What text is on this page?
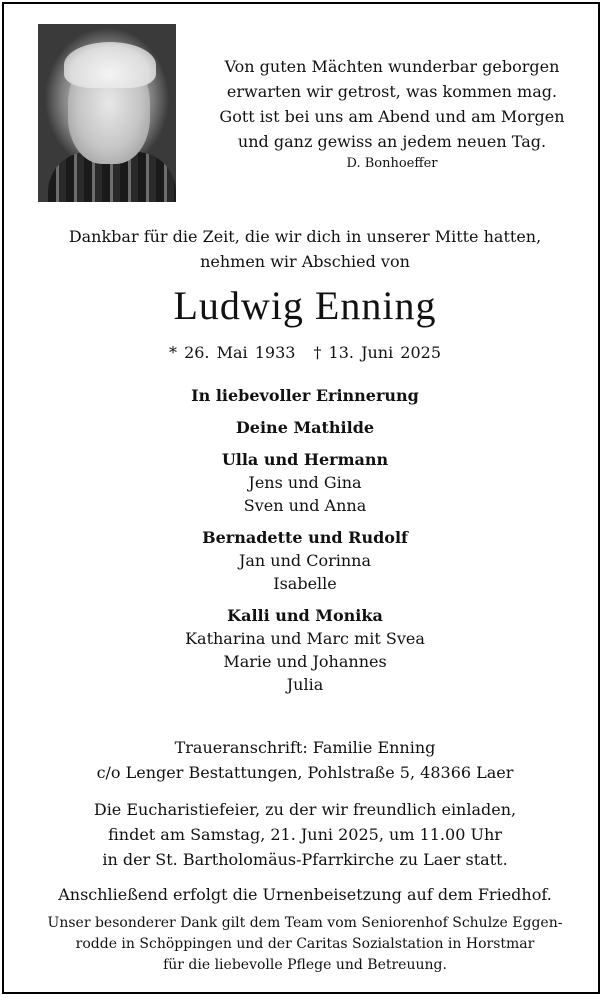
Von guten Mächten wunderbar geborgen
erwarten wir getrost, was kommen mag.
Gott ist bei uns am Abend und am Morgen
und ganz gewiss an jedem neuen Tag.
D. Bonhoeffer
Dankbar für die Zeit, die wir dich in unserer Mitte hatten,
nehmen wir Abschied von
Ludwig Enning
* 26. Mai 1933 † 13. Juni 2025
In liebevoller Erinnerung
Deine Mathilde
Ulla und Hermann
Jens und Gina
Sven und Anna
Bernadette und Rudolf
Jan und Corinna
Isabelle
Kalli und Monika
Katharina und Marc mit Svea
Marie und Johannes
Julia
Traueranschrift: Familie Enning
c/o Lenger Bestattungen, Pohlstraße 5, 48366 Laer
Die Eucharistiefeier, zu der wir freundlich einladen,
findet am Samstag, 21. Juni 2025, um 11.00 Uhr
in der St. Bartholomäus-Pfarrkirche zu Laer statt.
Anschließend erfolgt die Urnenbeisetzung auf dem Friedhof.
Unser besonderer Dank gilt dem Team vom Seniorenhof Schulze Eggen-
rodde in Schöppingen und der Caritas Sozialstation in Horstmar
für die liebevolle Pflege und Betreuung.
